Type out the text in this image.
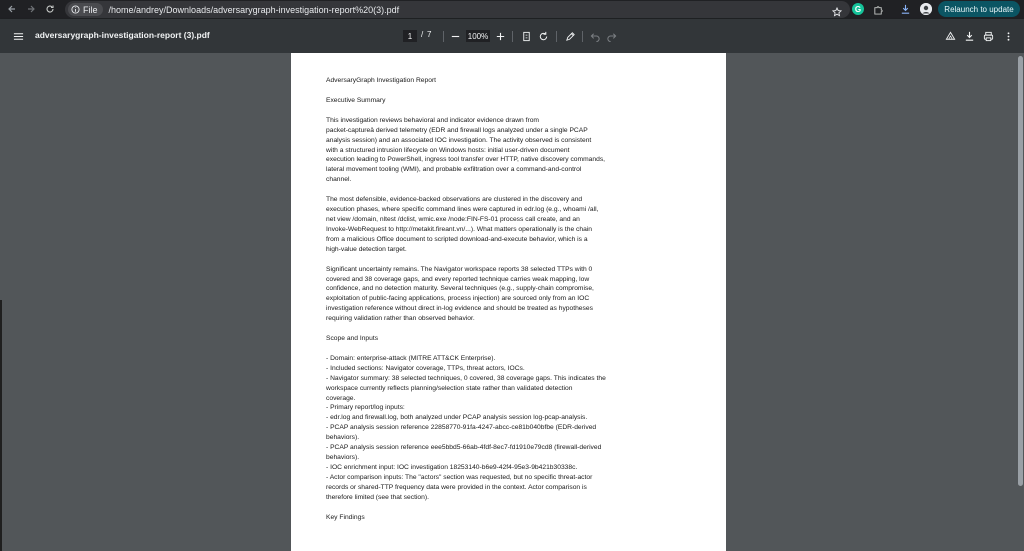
File /home/andrey/Downloads/adversarygraph-investigation-report%20(3).pdf	G	Relaunch to update
adversarygraph-investigation-report (3).pdf	1	/ 7	100%

AdversaryGraph Investigation Report

Executive Summary

This investigation reviews behavioral and indicator evidence drawn from
packet-captureâ derived telemetry (EDR and firewall logs analyzed under a single PCAP
analysis session) and an associated IOC investigation. The activity observed is consistent
with a structured intrusion lifecycle on Windows hosts: initial user-driven document
execution leading to PowerShell, ingress tool transfer over HTTP, native discovery commands,
lateral movement tooling (WMI), and probable exfiltration over a command-and-control
channel.

The most defensible, evidence-backed observations are clustered in the discovery and
execution phases, where specific command lines were captured in edr.log (e.g., whoami /all,
net view /domain, nltest /dclist, wmic.exe /node:FIN-FS-01 process call create, and an
Invoke-WebRequest to http://metakit.fireant.vn/...). What matters operationally is the chain
from a malicious Office document to scripted download-and-execute behavior, which is a
high-value detection target.

Significant uncertainty remains. The Navigator workspace reports 38 selected TTPs with 0
covered and 38 coverage gaps, and every reported technique carries weak mapping, low
confidence, and no detection maturity. Several techniques (e.g., supply-chain compromise,
exploitation of public-facing applications, process injection) are sourced only from an IOC
investigation reference without direct in-log evidence and should be treated as hypotheses
requiring validation rather than observed behavior.

Scope and Inputs

- Domain: enterprise-attack (MITRE ATT&CK Enterprise).
- Included sections: Navigator coverage, TTPs, threat actors, IOCs.
- Navigator summary: 38 selected techniques, 0 covered, 38 coverage gaps. This indicates the
workspace currently reflects planning/selection state rather than validated detection
coverage.
- Primary report/log inputs:
- edr.log and firewall.log, both analyzed under PCAP analysis session log-pcap-analysis.
- PCAP analysis session reference 22858770-91fa-4247-abcc-ce81b040bfbe (EDR-derived
behaviors).
- PCAP analysis session reference eee5bbd5-66ab-4fdf-8ec7-fd1910e79cd8 (firewall-derived
behaviors).
- IOC enrichment input: IOC investigation 18253140-b6e9-42f4-95e3-9b421b30338c.
- Actor comparison inputs: The "actors" section was requested, but no specific threat-actor
records or shared-TTP frequency data were provided in the context. Actor comparison is
therefore limited (see that section).

Key Findings
